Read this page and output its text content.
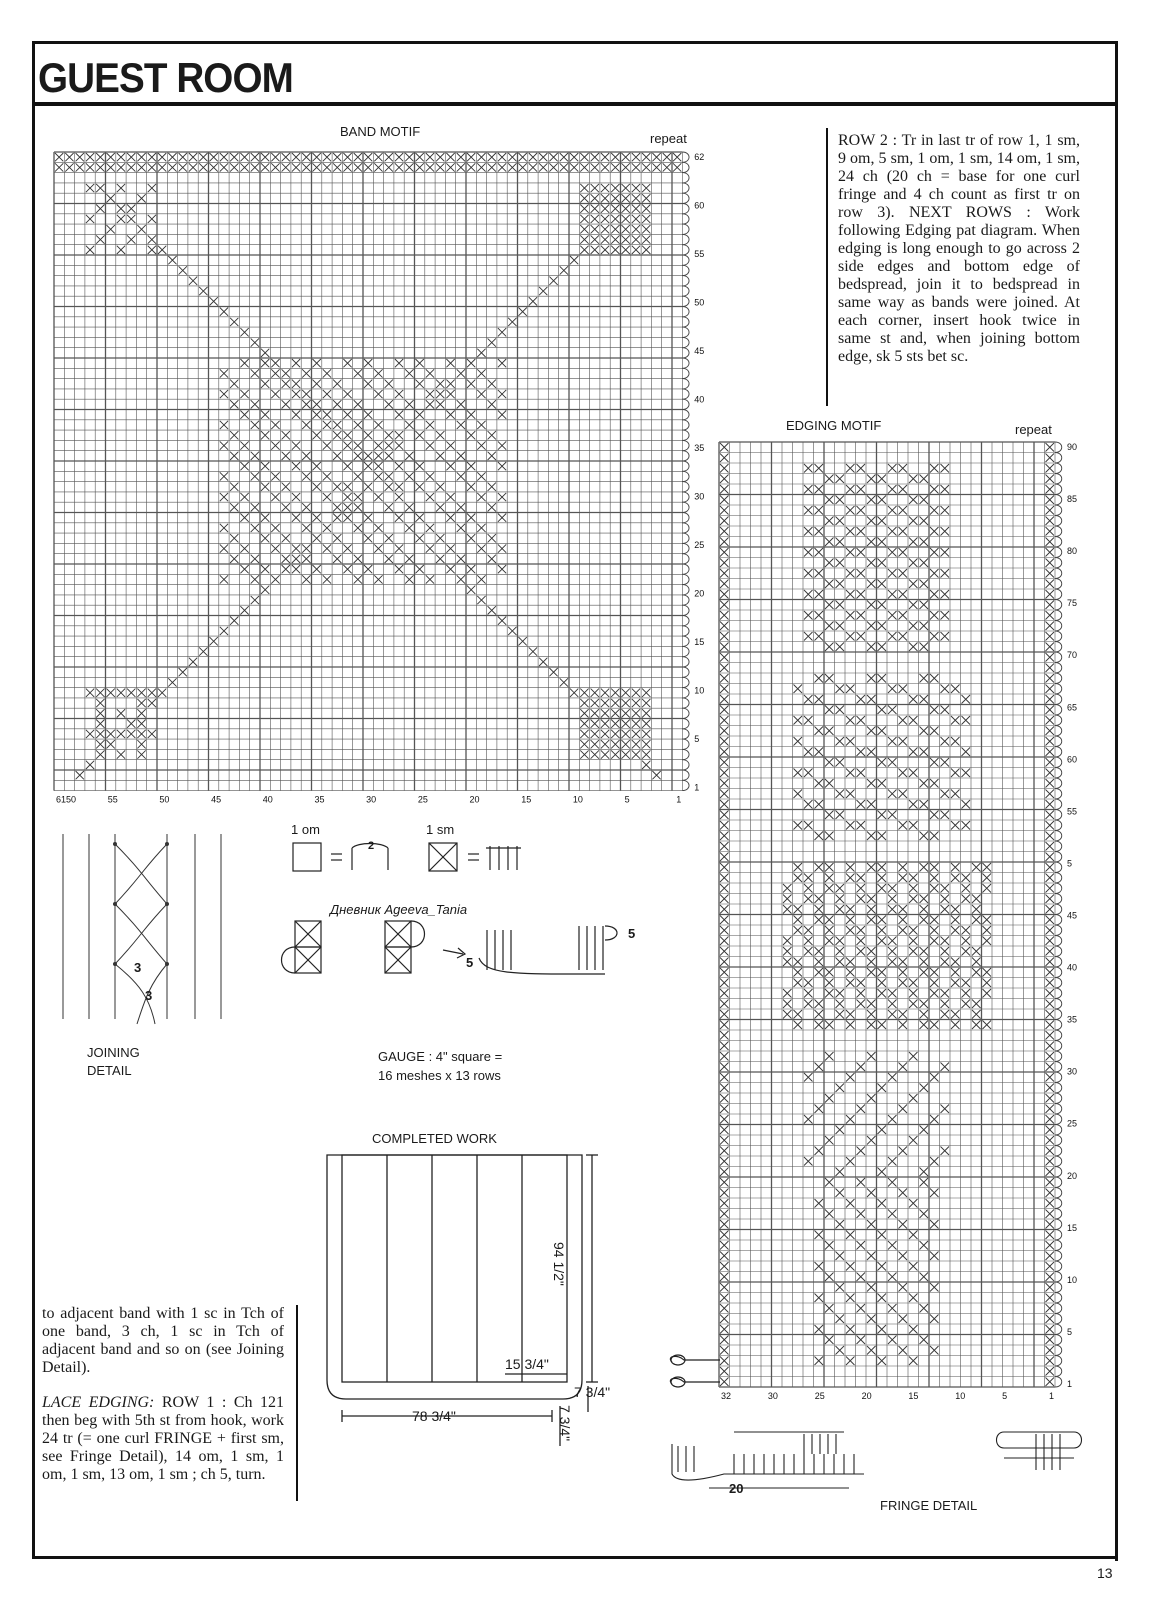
GUEST ROOM
13
BAND MOTIF	repeat
62
60
55
50
45
40
35
30
25
20
15
10
5
1
6150	55	50	45	40	35	30	25	20	15	10	5	1
ROW 2 : Tr in last tr of row 1, 1 sm, 9 om, 5 sm, 1 om, 1 sm, 14 om, 1 sm, 24 ch (20 ch = base for one curl fringe and 4 ch count as first tr on row 3). NEXT ROWS : Work following Edging pat diagram. When edging is long enough to go across 2 side edges and bottom edge of bedspread, join it to bedspread in same way as bands were joined. At each corner, insert hook twice in same st and, when joining bottom edge, sk 5 sts bet sc.
EDGING MOTIF	repeat
90
85
80
75
70
65
60
55
5
45
40
35
30
25
20
15
10
5
1
32	30	25	20	15	10	5	1
3
3
JOINING
DETAIL
1 om	1 sm
2
Дневник Ageeva_Tania
5
5
GAUGE : 4" square =
16 meshes x 13 rows
COMPLETED WORK
94 1/2"
78 3/4"
15 3/4"
7 3/4"
7 3/4"
to adjacent band with 1 sc in Tch of one band, 3 ch, 1 sc in Tch of adjacent band and so on (see Joining Detail).
LACE EDGING: ROW 1 : Ch 121 then beg with 5th st from hook, work 24 tr (= one curl FRINGE + first sm, see Fringe Detail), 14 om, 1 sm, 1 om, 1 sm, 13 om, 1 sm ; ch 5, turn.
20
FRINGE DETAIL
